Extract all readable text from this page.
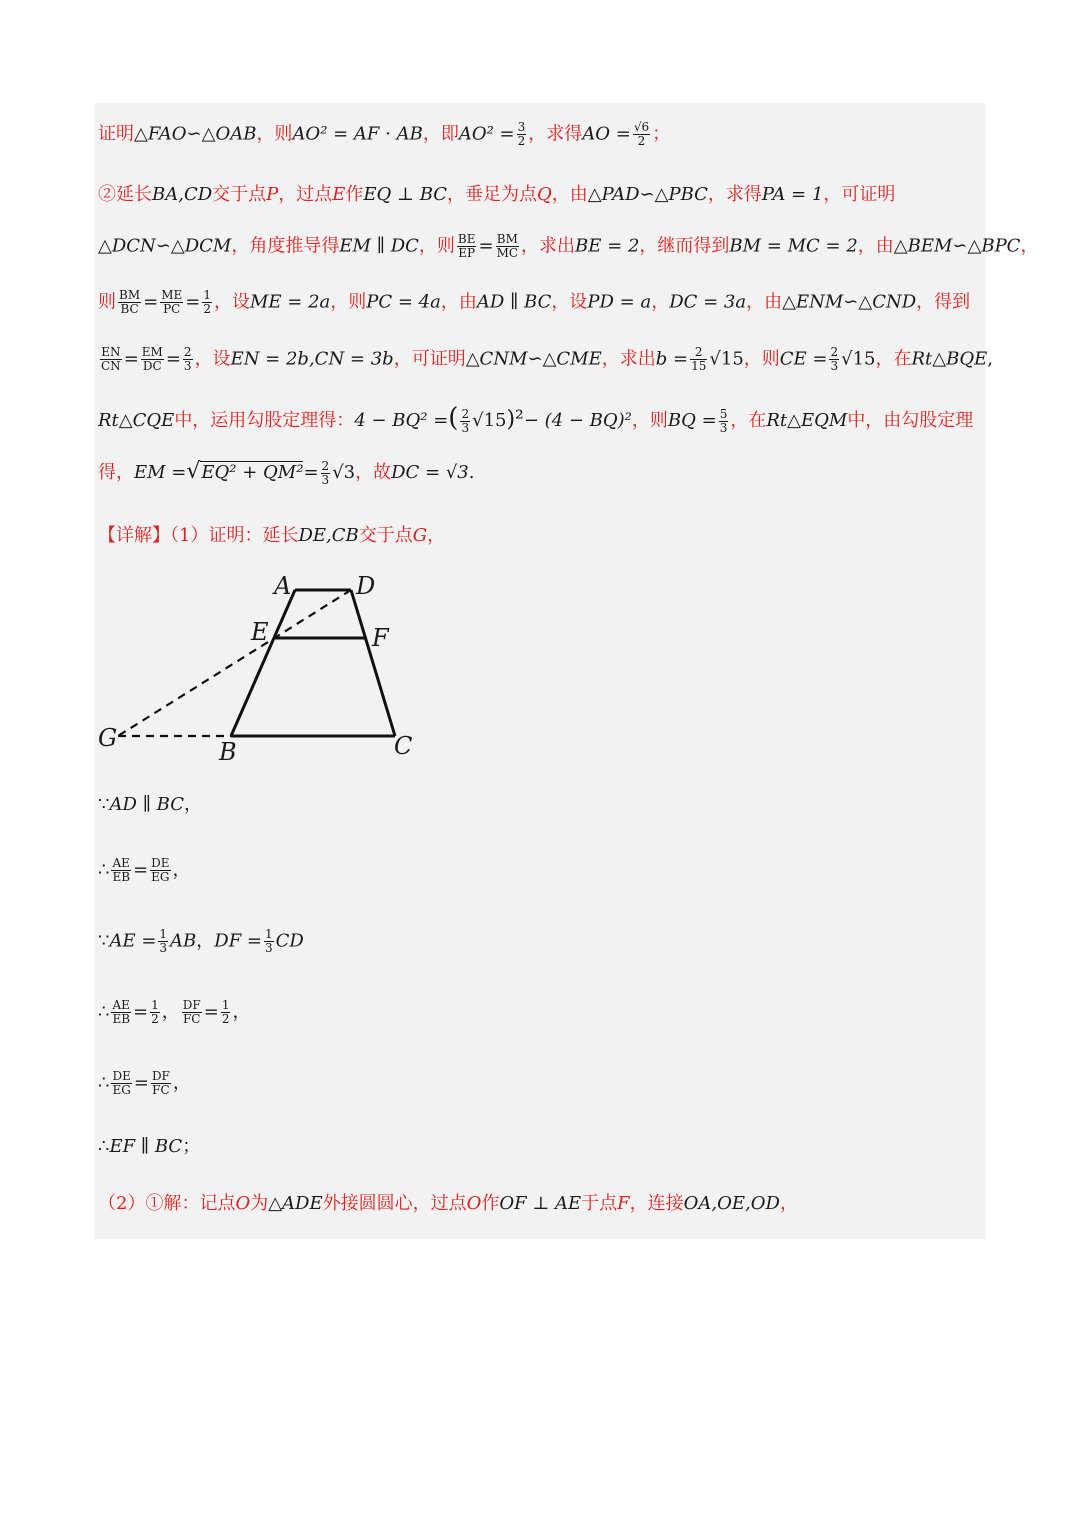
证明△FAO∽△OAB，则AO² = AF · AB，即$AO^2 = \frac{3}{2}$ ，求得AO = $\frac{√6}{2}$ ；
②延长BA,CD交于点P，过点E作EQ ⊥ BC，垂足为点Q，由△PAD∽△PBC，求得PA = 1，可证明
△DCN∽△DCM，角度推导得EM ∥ DC，则 $\frac{BE}{EP} = \frac{BM}{MC}$ ，求出BE = 2，继而得到BM = MC = 2，由△BEM∽△BPC，
则 $\frac{BM}{BC} = \frac{ME}{PC} = \frac{1}{2}$ ，设ME = 2a，则PC = 4a，由AD ∥ BC，设PD = a，DC = 3a，由△ENM∽△CND，得到
$\frac{EN}{CN} = \frac{EM}{DC} = \frac{2}{3}$ ，设EN = 2b,CN = 3b，可证明△CNM∽△CME，求出$b = \frac{2}{15} √15$，则CE = $\frac{2}{3} √15$，在Rt△BQE,
Rt△CQE中，运用勾股定理得：4 − BQ² =( $\frac{2}{3} √15)^2- (4 - BQ)^2$，则BQ = $\frac{5}{3}$ ，在Rt△EQM中，由勾股定理
得，EM $=√EQ^2 + QM^2= \frac{2}{3} √3$，故DC = √3.
【详解】（1）证明：延长DE,CB交于点G，
A	D
E	F
G	B	C
∵AD ∥ BC，
∴ $\frac{AE}{EB} = \frac{DE}{EG}$ ，
∵AE = $\frac{1}{3}$ AB，DF = $\frac{1}{3}$ CD
∴ $\frac{AE}{EB} = \frac{1}{2}$ ， $\frac{DF}{FC} = \frac{1}{2}$ ，
∴ $\frac{DE}{EG} = \frac{DF}{FC}$ ，
∴EF ∥ BC；
（2）①解：记点O为△ADE外接圆圆心，过点O作OF ⊥ AE于点F，连接OA,OE,OD，
